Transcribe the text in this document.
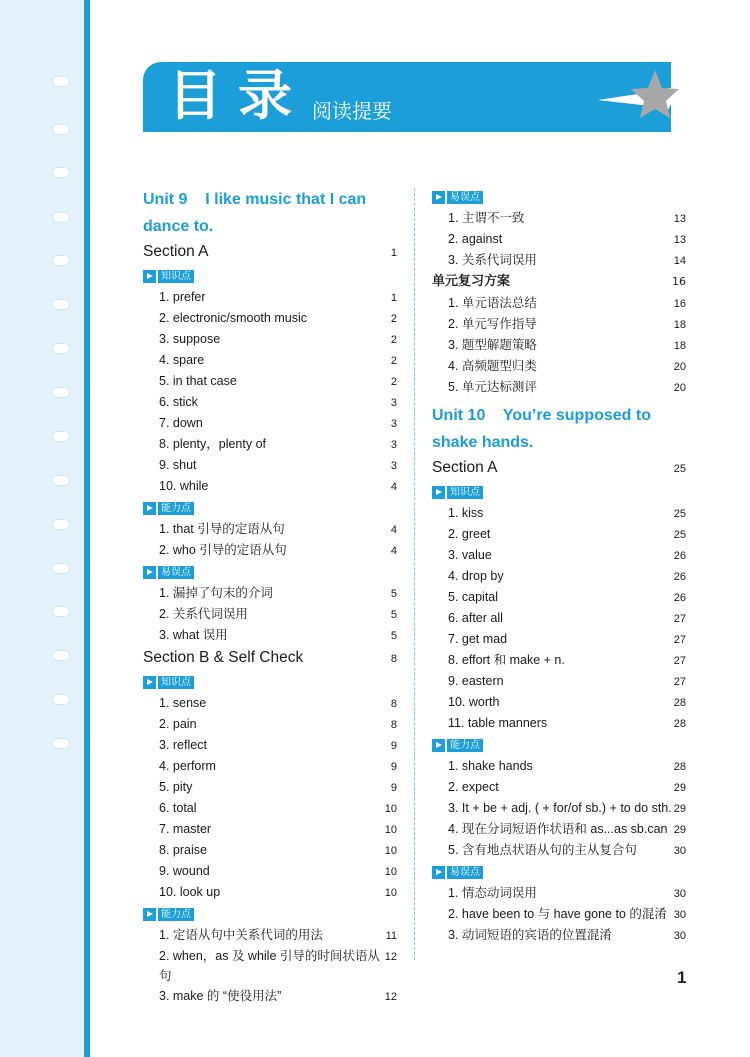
目录 阅读提要
Unit 9    I like music that I can
dance to.
Section A	1
知识点
1. prefer	1
2. electronic/smooth music	2
3. suppose	2
4. spare	2
5. in that case	2
6. stick	3
7. down	3
8. plenty，plenty of	3
9. shut	3
10. while	4
能力点
1. that 引导的定语从句	4
2. who 引导的定语从句	4
易误点
1. 漏掉了句末的介词	5
2. 关系代词误用	5
3. what 误用	5
Section B & Self Check	8
知识点
1. sense	8
2. pain	8
3. reflect	9
4. perform	9
5. pity	9
6. total	10
7. master	10
8. praise	10
9. wound	10
10. look up	10
能力点
1. 定语从句中关系代词的用法	11
2. when，as 及 while 引导的时间状语从句
12
3. make 的 “使役用法”	12
易误点
1. 主谓不一致	13
2. against	13
3. 关系代词误用	14
单元复习方案	16
1. 单元语法总结	16
2. 单元写作指导	18
3. 题型解题策略	18
4. 高频题型归类	20
5. 单元达标测评	20
Unit 10    You’re supposed to
shake hands.
Section A	25
知识点
1. kiss	25
2. greet	25
3. value	26
4. drop by	26
5. capital	26
6. after all	27
7. get mad	27
8. effort 和 make + n.	27
9. eastern	27
10. worth	28
11. table manners	28
能力点
1. shake hands	28
2. expect	29
3. It + be + adj. ( + for/of sb.) + to do sth. 29
4. 现在分词短语作状语和 as...as sb.can 29
5. 含有地点状语从句的主从复合句	30
易误点
1. 情态动词误用	30
2. have been to 与 have gone to 的混淆 30
3. 动词短语的宾语的位置混淆	30
1
